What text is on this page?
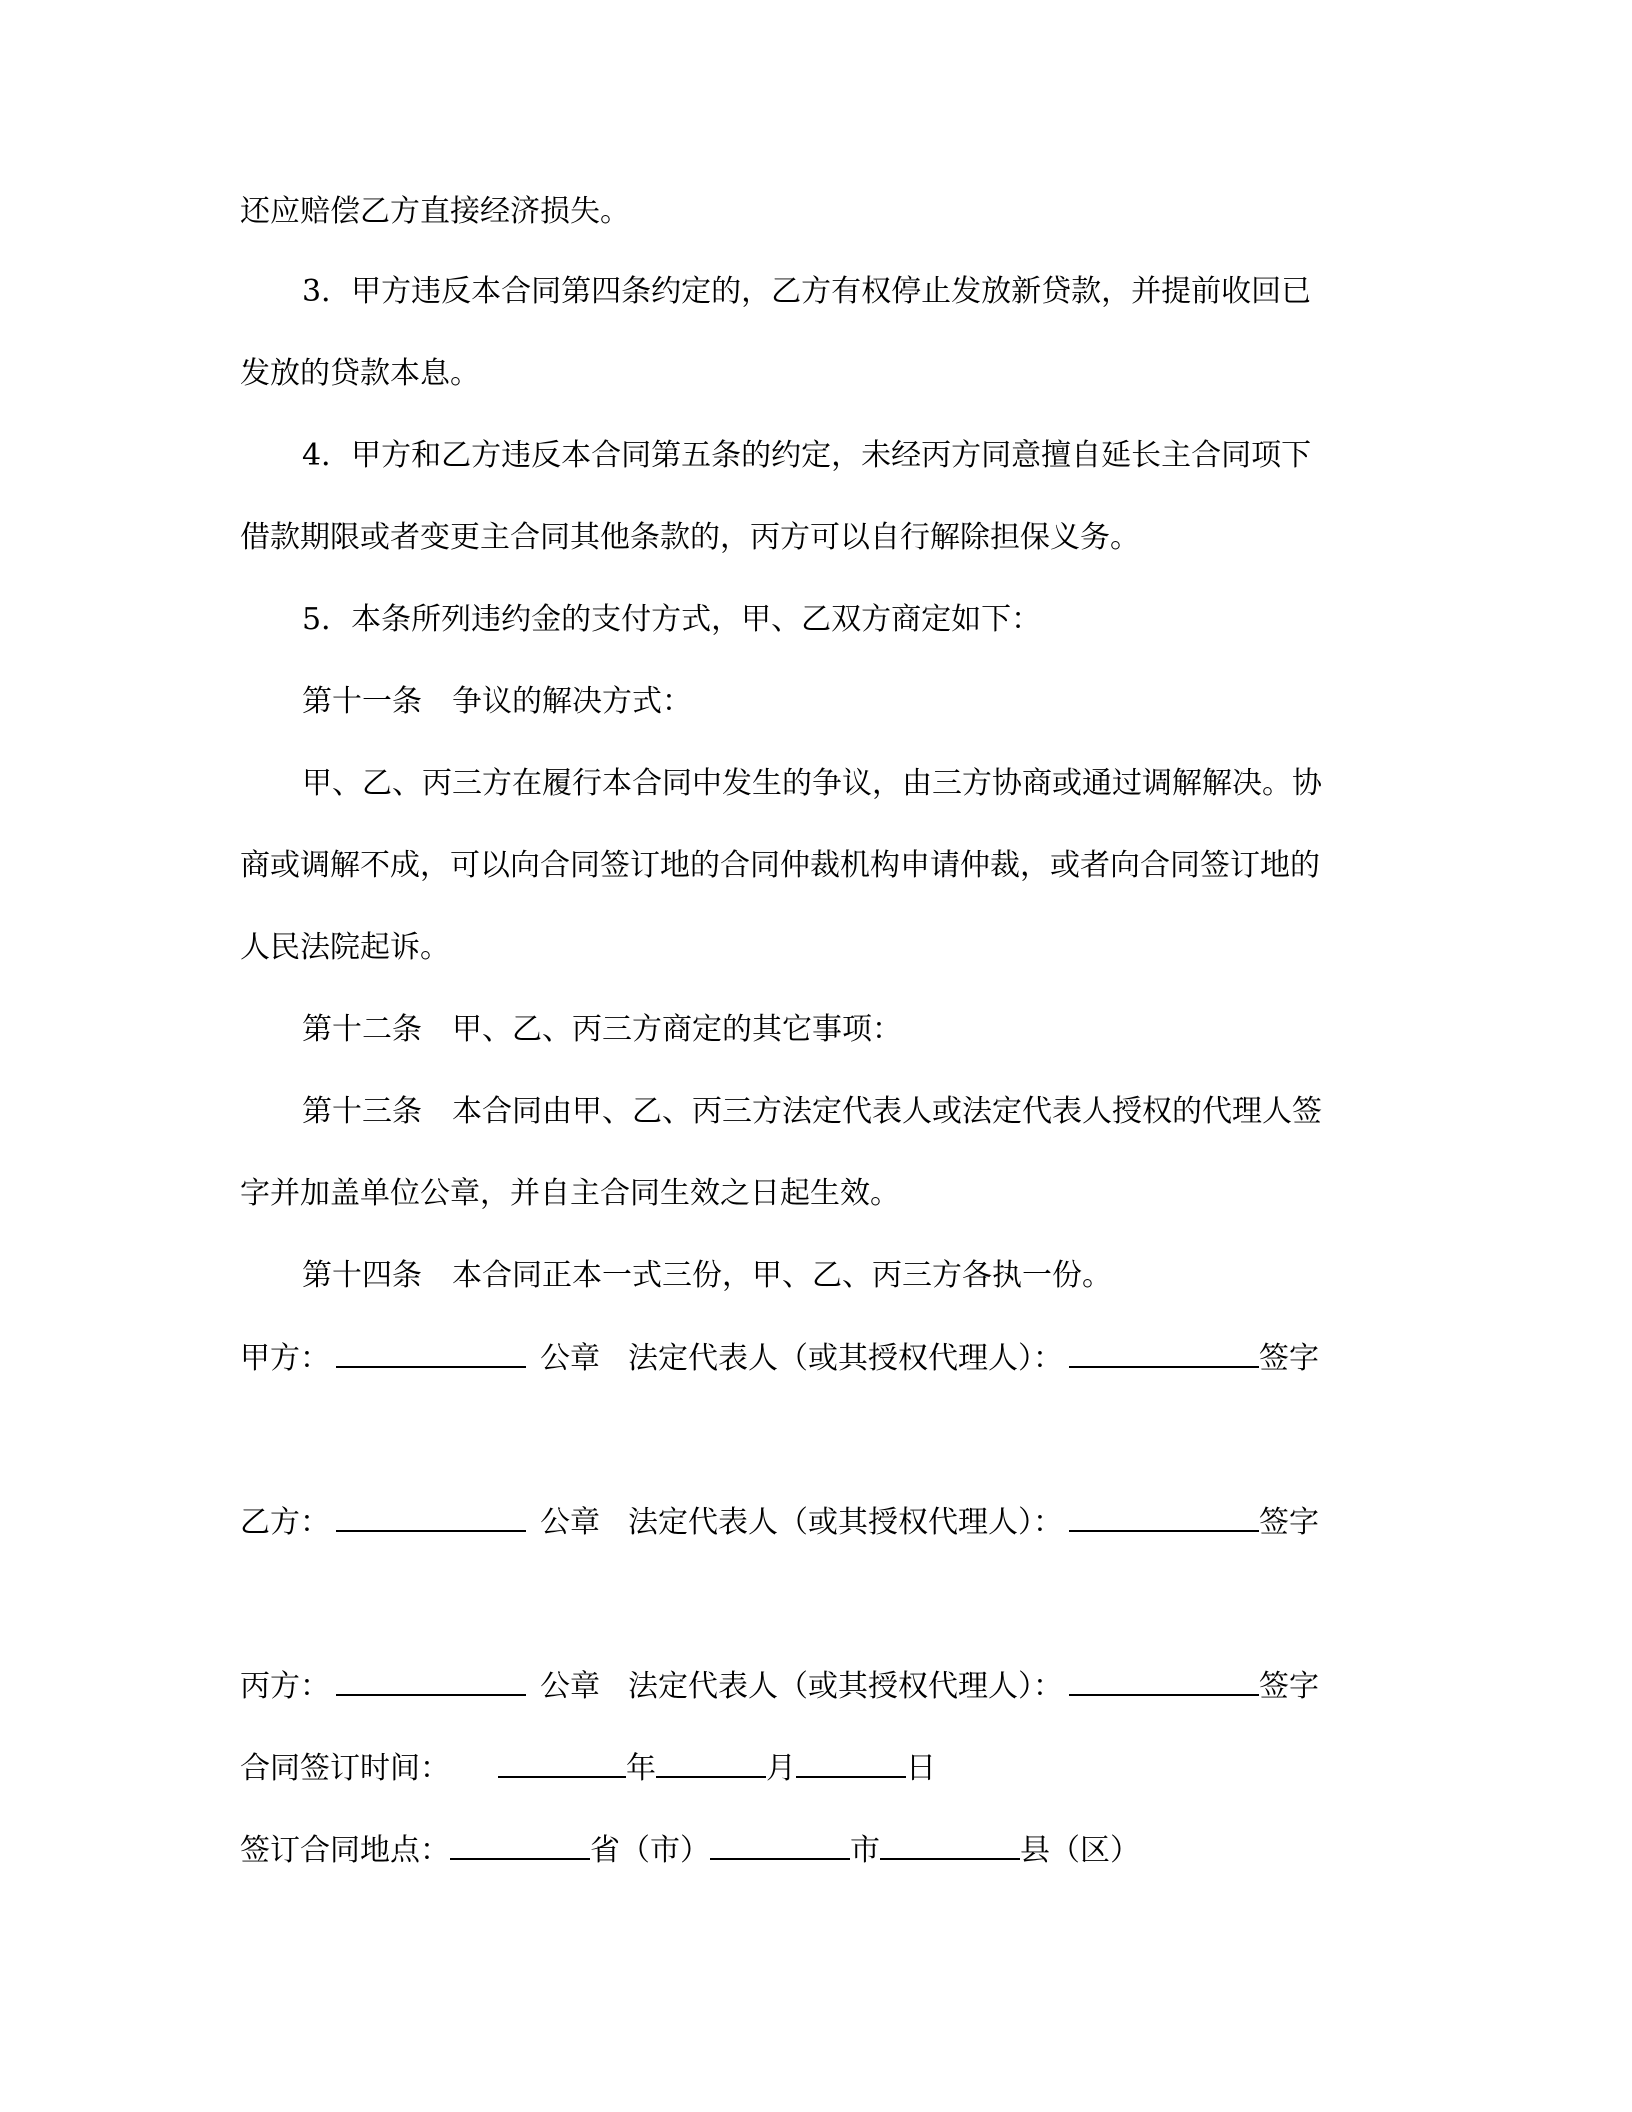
还应赔偿乙方直接经济损失。
3．甲方违反本合同第四条约定的，乙方有权停止发放新贷款，并提前收回已
发放的贷款本息。
4．甲方和乙方违反本合同第五条的约定，未经丙方同意擅自延长主合同项下
借款期限或者变更主合同其他条款的，丙方可以自行解除担保义务。
5．本条所列违约金的支付方式，甲、乙双方商定如下：
第十一条　争议的解决方式：
甲、乙、丙三方在履行本合同中发生的争议，由三方协商或通过调解解决。协
商或调解不成，可以向合同签订地的合同仲裁机构申请仲裁，或者向合同签订地的
人民法院起诉。
第十二条　甲、乙、丙三方商定的其它事项：
第十三条　本合同由甲、乙、丙三方法定代表人或法定代表人授权的代理人签
字并加盖单位公章，并自主合同生效之日起生效。
第十四条　本合同正本一式三份，甲、乙、丙三方各执一份。
甲方：	公章 法定代表人（或其授权代理人）：	签字
乙方：	公章 法定代表人（或其授权代理人）：	签字
丙方：	公章 法定代表人（或其授权代理人）：	签字
合同签订时间：	年	月	日
签订合同地点：	省（市）	市	县（区）
